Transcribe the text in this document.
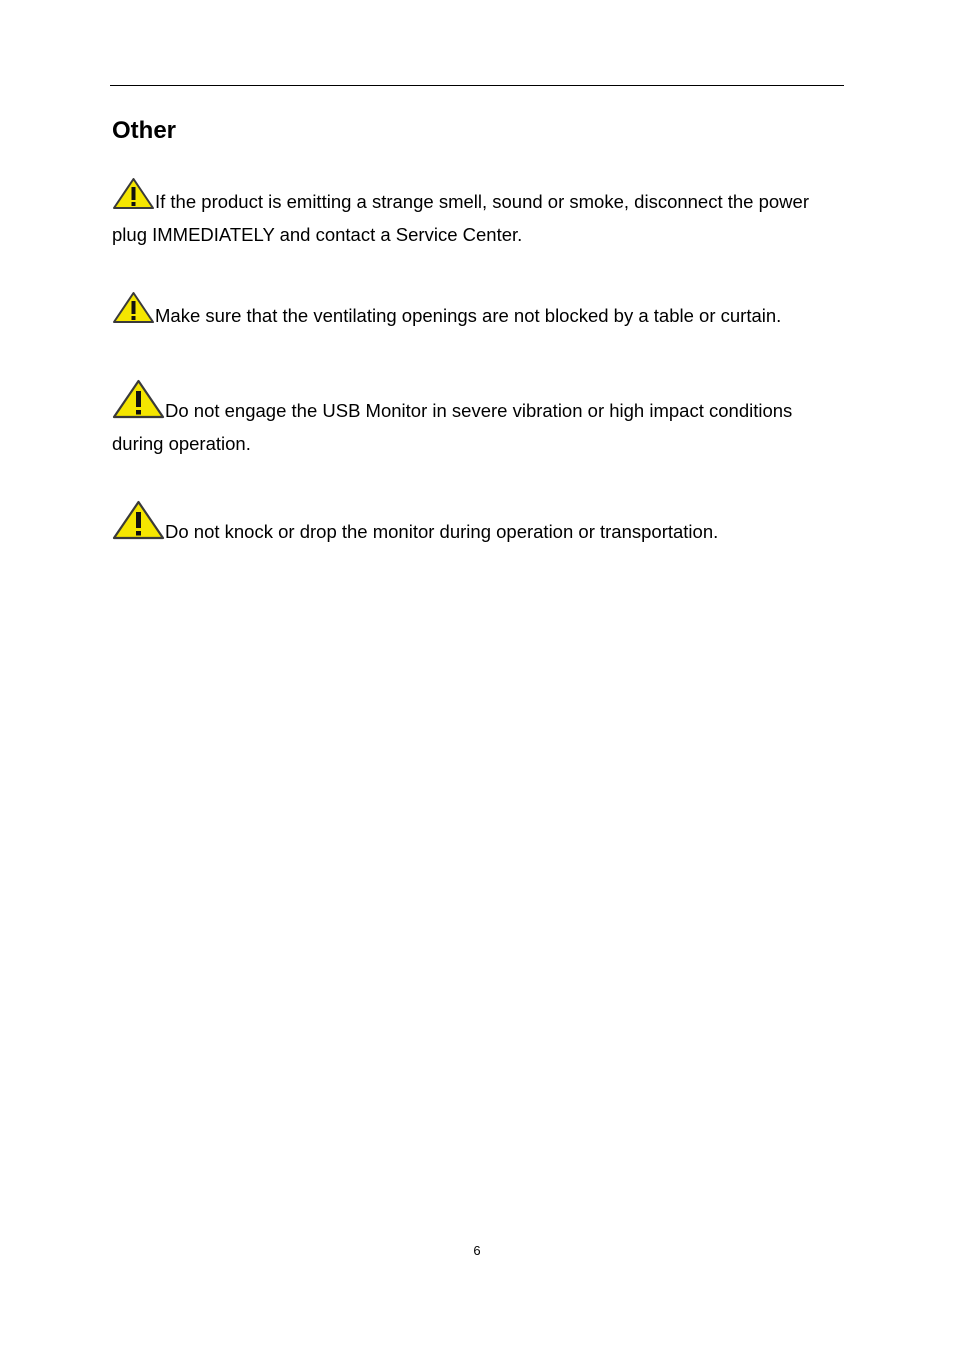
Other
If the product is emitting a strange smell, sound or smoke, disconnect the power plug IMMEDIATELY and contact a Service Center.
Make sure that the ventilating openings are not blocked by a table or curtain.
Do not engage the USB Monitor in severe vibration or high impact conditions during operation.
Do not knock or drop the monitor during operation or transportation.
6
